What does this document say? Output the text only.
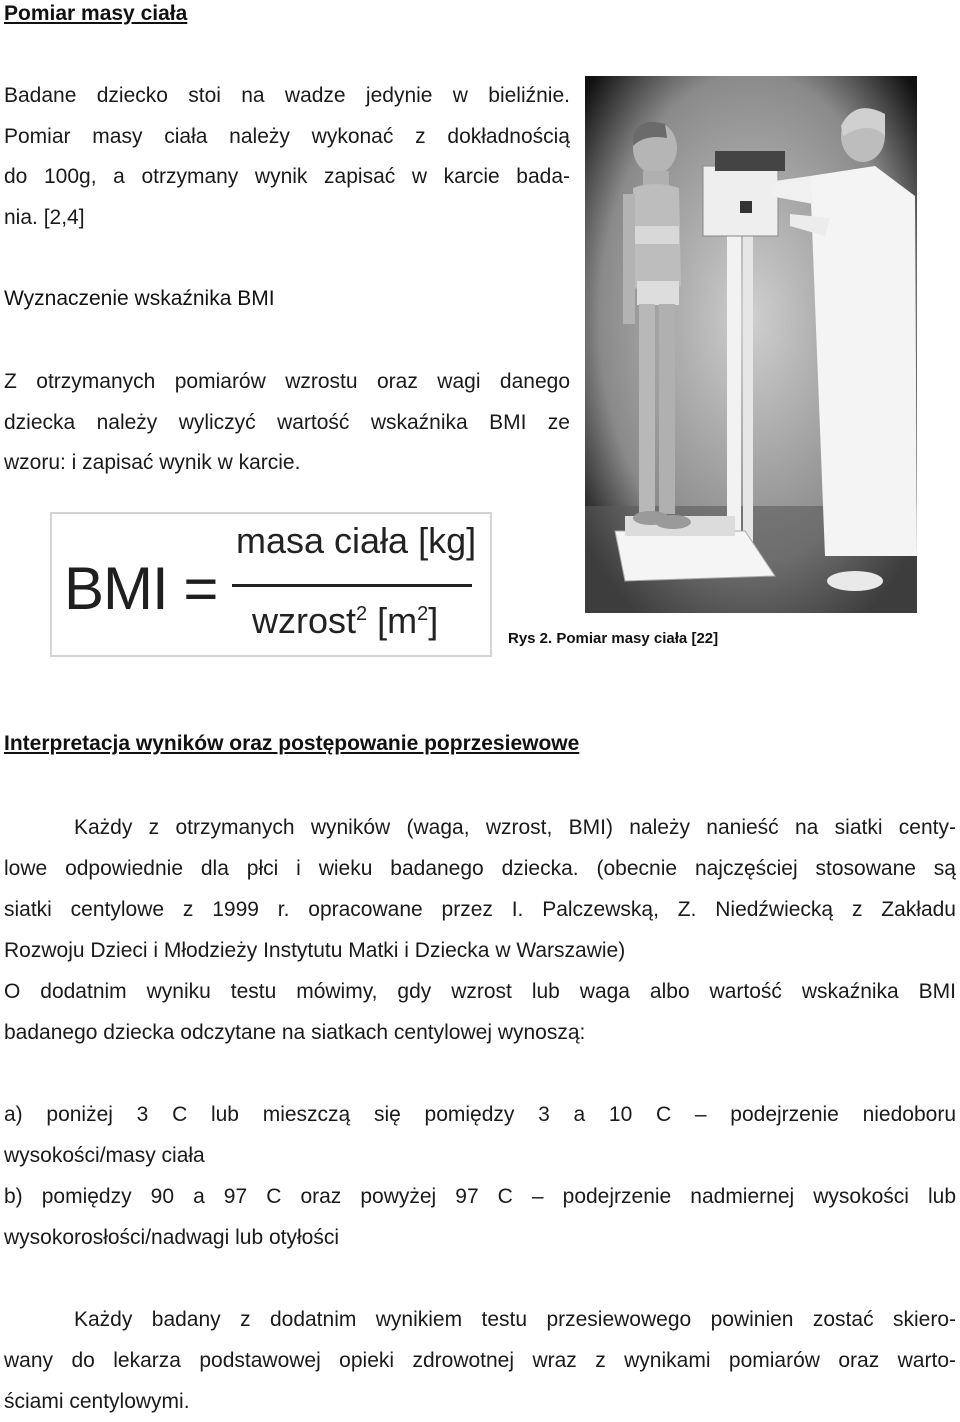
Pomiar masy ciała
Badane dziecko stoi na wadze jedynie w bieliźnie.
Pomiar masy ciała należy wykonać z dokładnością
do 100g, a otrzymany wynik zapisać w karcie bada-
nia. [2,4]
Wyznaczenie wskaźnika BMI
Z otrzymanych pomiarów wzrostu oraz wagi danego
dziecka należy wyliczyć wartość wskaźnika BMI ze
wzoru: i zapisać wynik w karcie.
BMI =
masa ciała [kg]
wzrost$^2$ $[m^2]$	Rys 2. Pomiar masy ciała [22]
Interpretacja wyników oraz postępowanie poprzesiewowe
Każdy z otrzymanych wyników (waga, wzrost, BMI) należy nanieść na siatki centy-
lowe odpowiednie dla płci i wieku badanego dziecka. (obecnie najczęściej stosowane są
siatki centylowe z 1999 r. opracowane przez I. Palczewską, Z. Niedźwiecką z Zakładu
Rozwoju Dzieci i Młodzieży Instytutu Matki i Dziecka w Warszawie)
O dodatnim wyniku testu mówimy, gdy wzrost lub waga albo wartość wskaźnika BMI
badanego dziecka odczytane na siatkach centylowej wynoszą:
a) poniżej 3 C lub mieszczą się pomiędzy 3 a 10 C – podejrzenie niedoboru
wysokości/masy ciała
b) pomiędzy 90 a 97 C oraz powyżej 97 C – podejrzenie nadmiernej wysokości lub
wysokorosłości/nadwagi lub otyłości
Każdy badany z dodatnim wynikiem testu przesiewowego powinien zostać skiero-
wany do lekarza podstawowej opieki zdrowotnej wraz z wynikami pomiarów oraz warto-
ściami centylowymi.
